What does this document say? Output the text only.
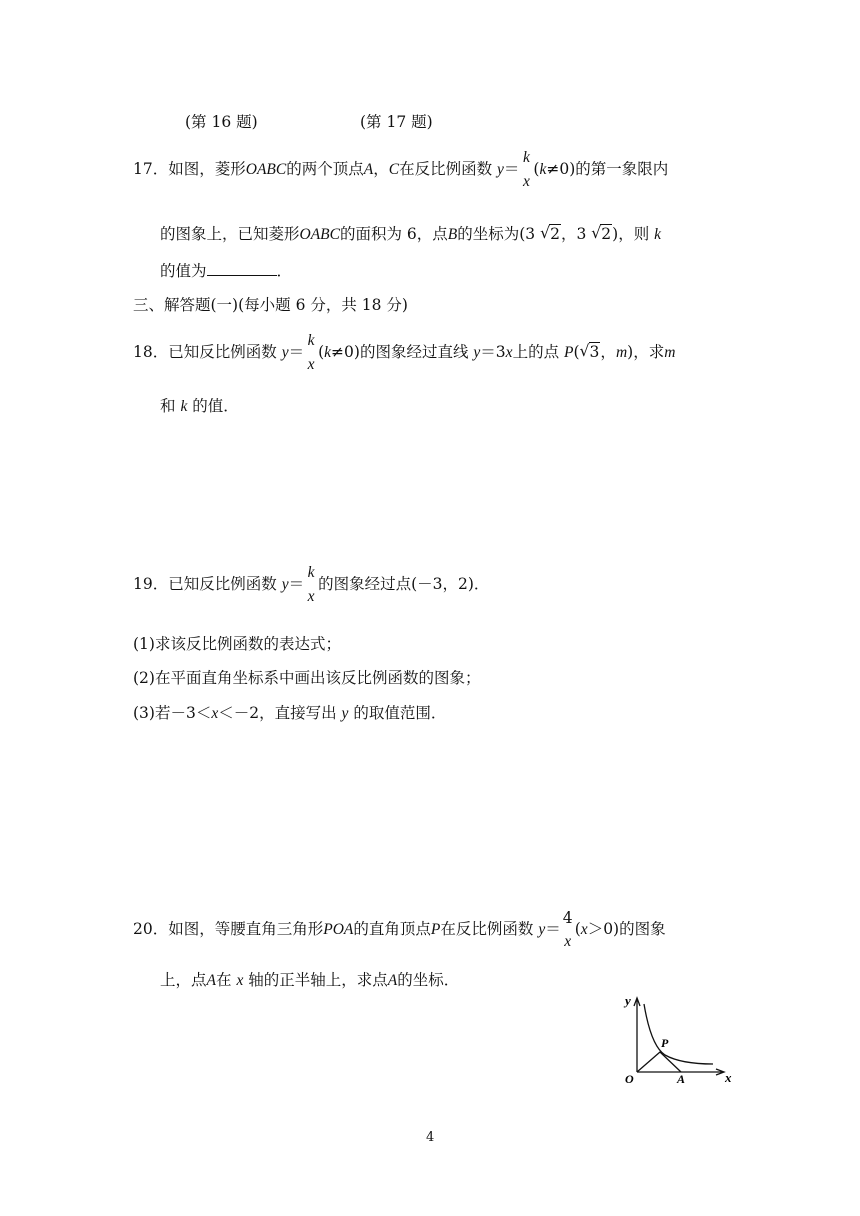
(第 16 题)	(第 17 题)
17．如图，菱形OABC的两个顶点A，C在反比例函数 y＝
k
x
(k≠0)的第一象限内
的图象上，已知菱形OABC的面积为 6，点B的坐标为(3 √ 2，3 √ 2)，则 k
的值为	．
三、解答题(一)(每小题 6 分，共 18 分)
18．已知反比例函数 y＝
k
x
(k≠0)的图象经过直线 y＝3x上的点 P( √ 3，m)，求m
和 k 的值．
19．已知反比例函数 y＝
k
x
的图象经过点(－3，2)．
(1)求该反比例函数的表达式；
(2)在平面直角坐标系中画出该反比例函数的图象；
(3)若－3＜x＜－2，直接写出 y 的取值范围．
20．如图，等腰直角三角形POA的直角顶点P在反比例函数 y＝
4
x
(x＞0)的图象
上，点A在 x 轴的正半轴上，求点A的坐标．
y
x
O
P
A
4
